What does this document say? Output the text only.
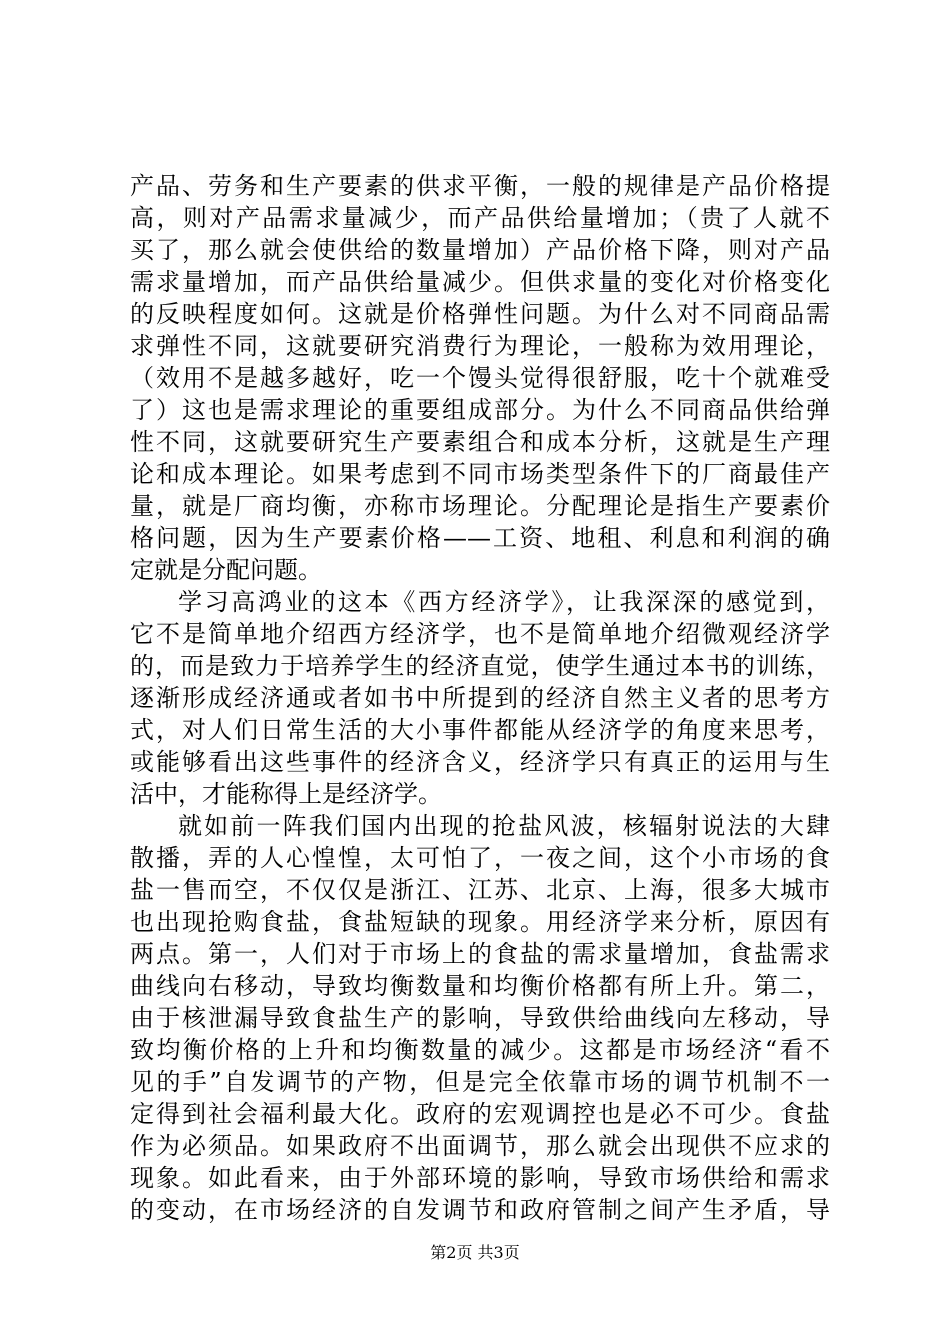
产品、劳务和生产要素的供求平衡，一般的规律是产品价格提
高，则对产品需求量减少，而产品供给量增加；（贵了人就不
买了，那么就会使供给的数量增加）产品价格下降，则对产品
需求量增加，而产品供给量减少。但供求量的变化对价格变化
的反映程度如何。这就是价格弹性问题。为什么对不同商品需
求弹性不同，这就要研究消费行为理论，一般称为效用理论，
（效用不是越多越好，吃一个馒头觉得很舒服，吃十个就难受
了）这也是需求理论的重要组成部分。为什么不同商品供给弹
性不同，这就要研究生产要素组合和成本分析，这就是生产理
论和成本理论。如果考虑到不同市场类型条件下的厂商最佳产
量，就是厂商均衡，亦称市场理论。分配理论是指生产要素价
格问题，因为生产要素价格——工资、地租、利息和利润的确
定就是分配问题。
学习高鸿业的这本《西方经济学》，让我深深的感觉到，
它不是简单地介绍西方经济学，也不是简单地介绍微观经济学
的，而是致力于培养学生的经济直觉，使学生通过本书的训练，
逐渐形成经济通或者如书中所提到的经济自然主义者的思考方
式，对人们日常生活的大小事件都能从经济学的角度来思考，
或能够看出这些事件的经济含义，经济学只有真正的运用与生
活中，才能称得上是经济学。
就如前一阵我们国内出现的抢盐风波，核辐射说法的大肆
散播，弄的人心惶惶，太可怕了，一夜之间，这个小市场的食
盐一售而空，不仅仅是浙江、江苏、北京、上海，很多大城市
也出现抢购食盐，食盐短缺的现象。用经济学来分析，原因有
两点。第一，人们对于市场上的食盐的需求量增加，食盐需求
曲线向右移动，导致均衡数量和均衡价格都有所上升。第二，
由于核泄漏导致食盐生产的影响，导致供给曲线向左移动，导
致均衡价格的上升和均衡数量的减少。这都是市场经济“看不
见的手”自发调节的产物，但是完全依靠市场的调节机制不一
定得到社会福利最大化。政府的宏观调控也是必不可少。食盐
作为必须品。如果政府不出面调节，那么就会出现供不应求的
现象。如此看来，由于外部环境的影响，导致市场供给和需求
的变动，在市场经济的自发调节和政府管制之间产生矛盾，导
第2页 共3页
